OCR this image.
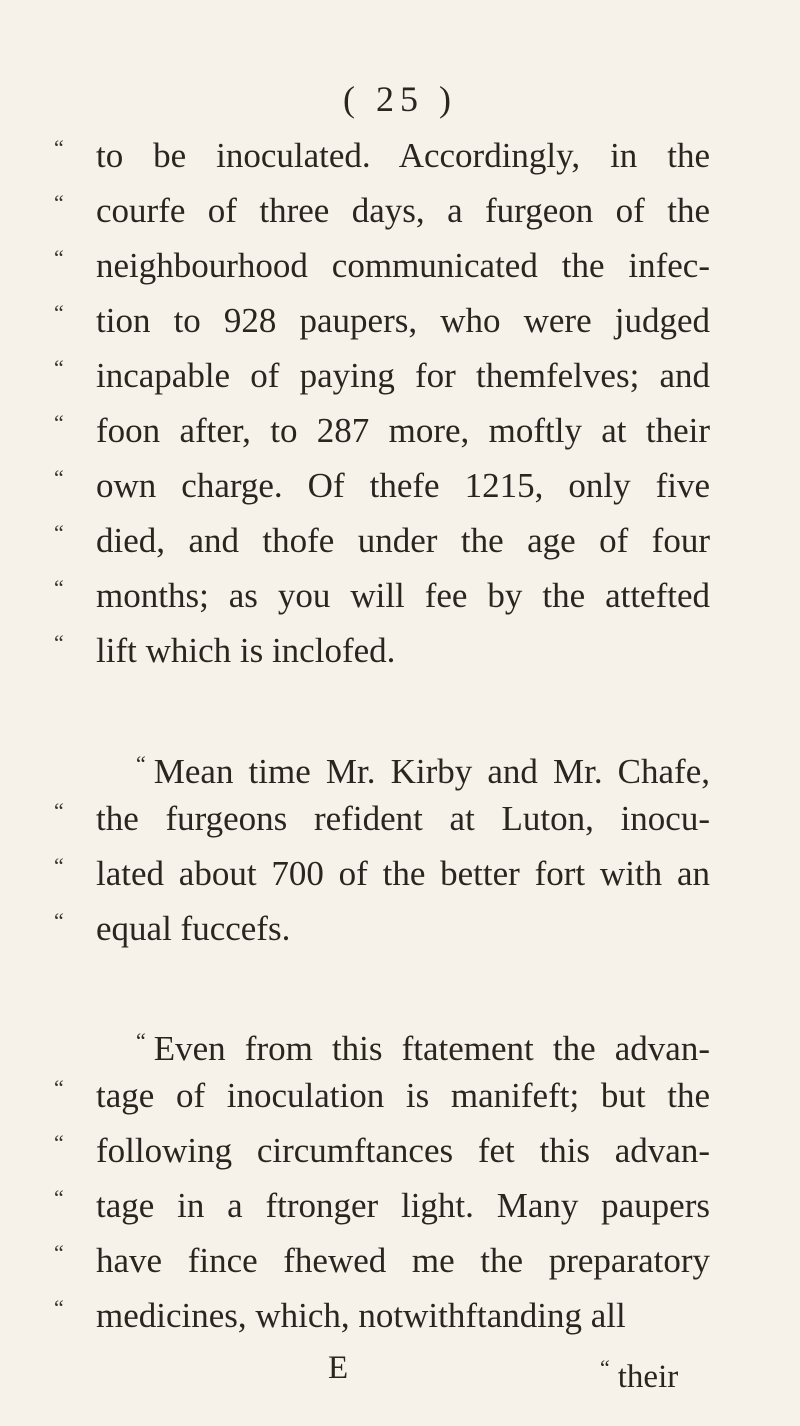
( 25 )
“ to be inoculated. Accordingly, in the
“ courfe of three days, a furgeon of the
“ neighbourhood communicated the infec-
“ tion to 928 paupers, who were judged
“ incapable of paying for themfelves; and
“ foon after, to 287 more, moftly at their
“ own charge. Of thefe 1215, only five
“ died, and thofe under the age of four
“ months; as you will fee by the attefted
“ lift which is inclofed.
“ Mean time Mr. Kirby and Mr. Chafe,
“ the furgeons refident at Luton, inocu-
“ lated about 700 of the better fort with an
“ equal fuccefs.
“ Even from this ftatement the advan-
“ tage of inoculation is manifeft; but the
“ following circumftances fet this advan-
“ tage in a ftronger light. Many paupers
“ have fince fhewed me the preparatory
“ medicines, which, notwithftanding all
E	“ their
